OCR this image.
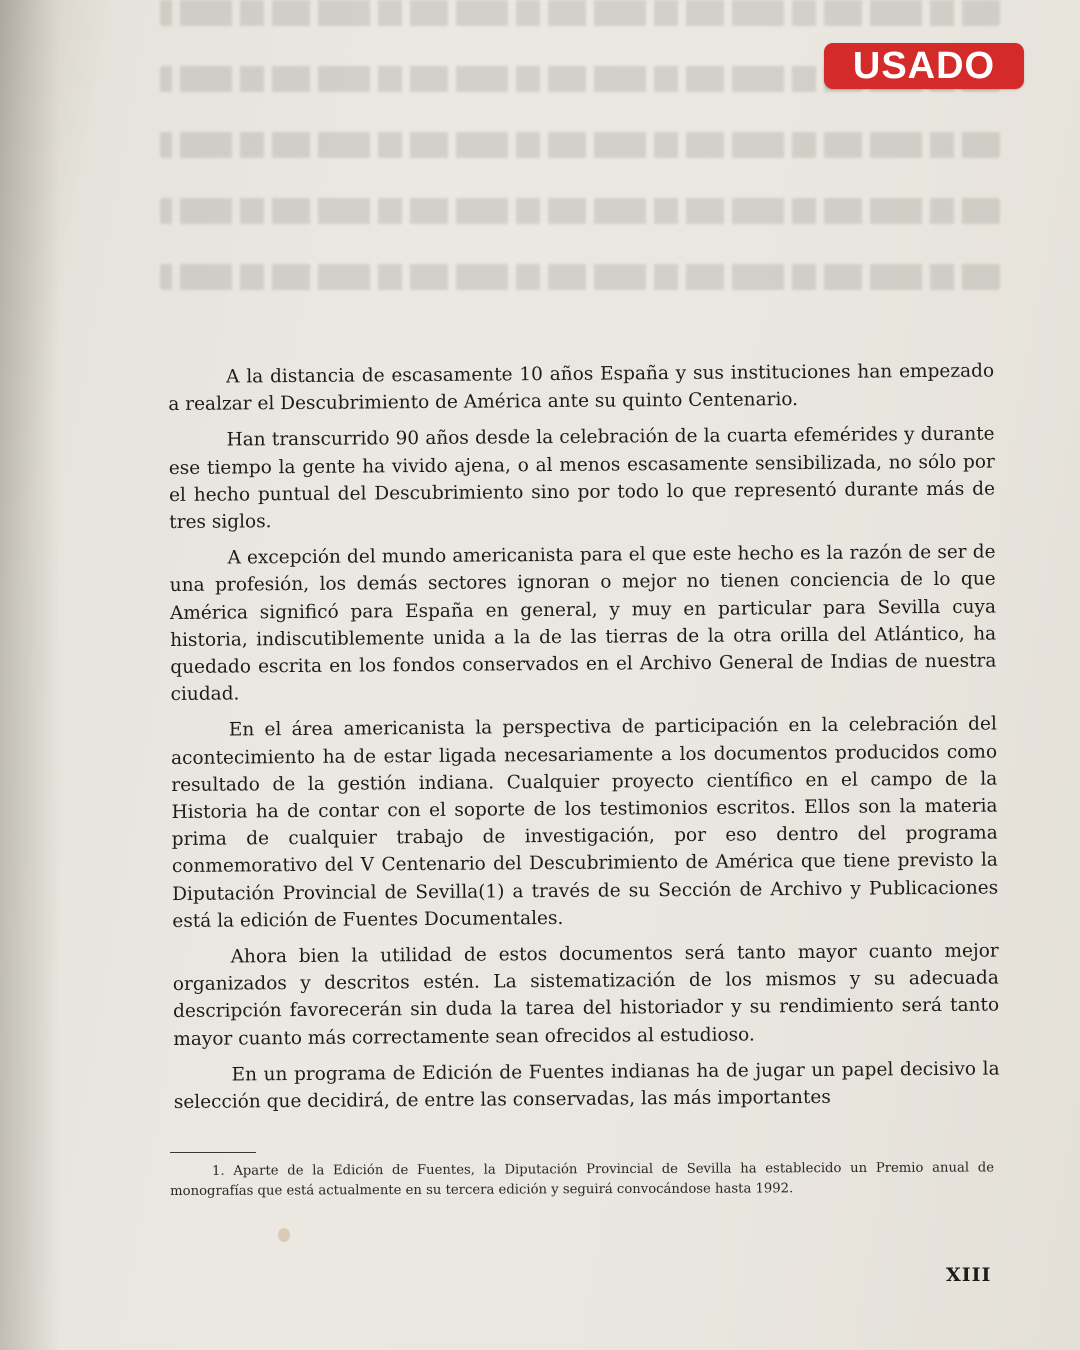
USADO

A la distancia de escasamente 10 años España y sus instituciones han empezado a realzar el Descubrimiento de América ante su quinto Centenario.

Han transcurrido 90 años desde la celebración de la cuarta efemérides y durante ese tiempo la gente ha vivido ajena, o al menos escasamente sensibilizada, no sólo por el hecho puntual del Descubrimiento sino por todo lo que representó durante más de tres siglos.

A excepción del mundo americanista para el que este hecho es la razón de ser de una profesión, los demás sectores ignoran o mejor no tienen conciencia de lo que América significó para España en general, y muy en particular para Sevilla cuya historia, indiscutiblemente unida a la de las tierras de la otra orilla del Atlántico, ha quedado escrita en los fondos conservados en el Archivo General de Indias de nuestra ciudad.

En el área americanista la perspectiva de participación en la celebración del acontecimiento ha de estar ligada necesariamente a los documentos producidos como resultado de la gestión indiana. Cualquier proyecto científico en el campo de la Historia ha de contar con el soporte de los testimonios escritos. Ellos son la materia prima de cualquier trabajo de investigación, por eso dentro del programa conmemorativo del V Centenario del Descubrimiento de América que tiene previsto la Diputación Provincial de Sevilla(1) a través de su Sección de Archivo y Publicaciones está la edición de Fuentes Documentales.

Ahora bien la utilidad de estos documentos será tanto mayor cuanto mejor organizados y descritos estén. La sistematización de los mismos y su adecuada descripción favorecerán sin duda la tarea del historiador y su rendimiento será tanto mayor cuanto más correctamente sean ofrecidos al estudioso.

En un programa de Edición de Fuentes indianas ha de jugar un papel decisivo la selección que decidirá, de entre las conservadas, las más importantes

1. Aparte de la Edición de Fuentes, la Diputación Provincial de Sevilla ha establecido un Premio anual de monografías que está actualmente en su tercera edición y seguirá convocándose hasta 1992.
XIII
